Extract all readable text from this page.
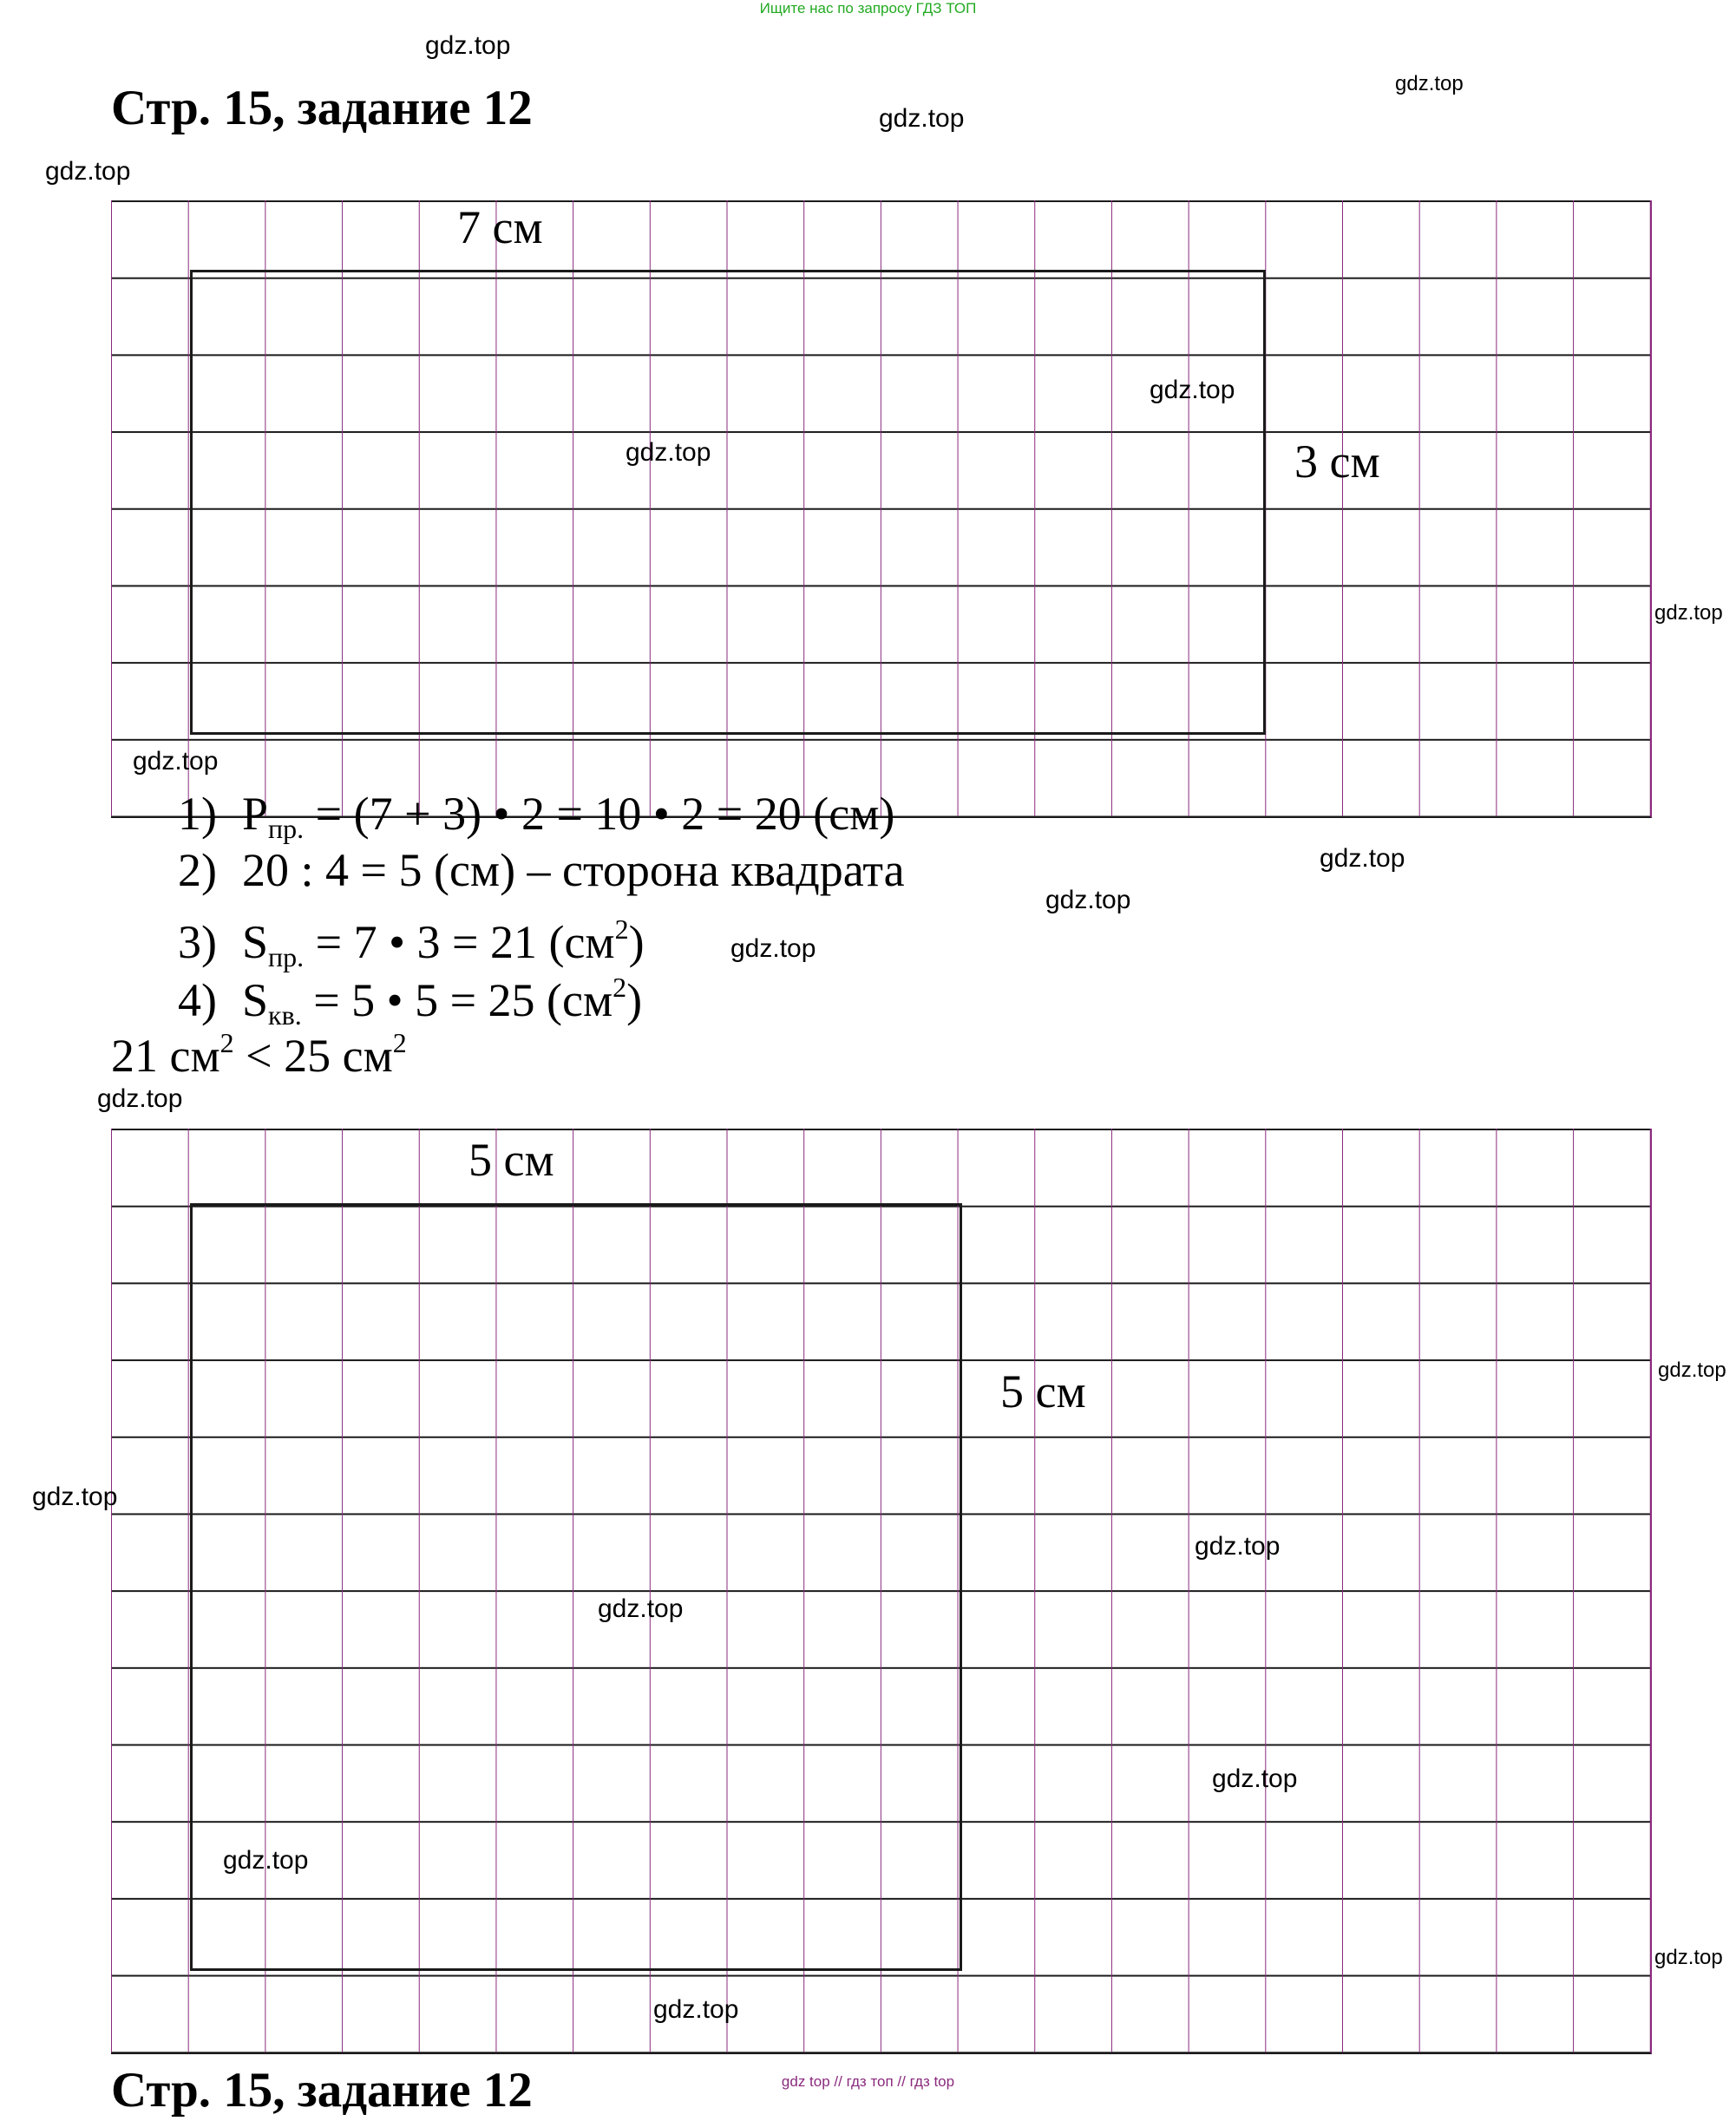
Ищите нас по запросу ГДЗ ТОП
Стр. 15, задание 12
7 см
3 см
1) $P_{пр.} = (7 + 3)$ • 2 = 10 • 2 = 20 (см)
2) 20 : 4 = 5 (см) – сторона квадрата
3) $S_{пр.} = 7$ • 3 = 21 $(см^2)$
4) $S_{кв.} = 5$ • 5 = 25 $(см^2)$
21 $см^2 < 25$ $см^2$
5 см
5 см
gdz.top
gdz.top
gdz.top
gdz.top
gdz.top
gdz.top
gdz.top
gdz.top
gdz.top
gdz.top
gdz.top
gdz.top
gdz.top
gdz.top
gdz.top
gdz.top
gdz.top
gdz.top
gdz.top
gdz.top
Стр. 15, задание 12	gdz top // гдз топ // гдз top
